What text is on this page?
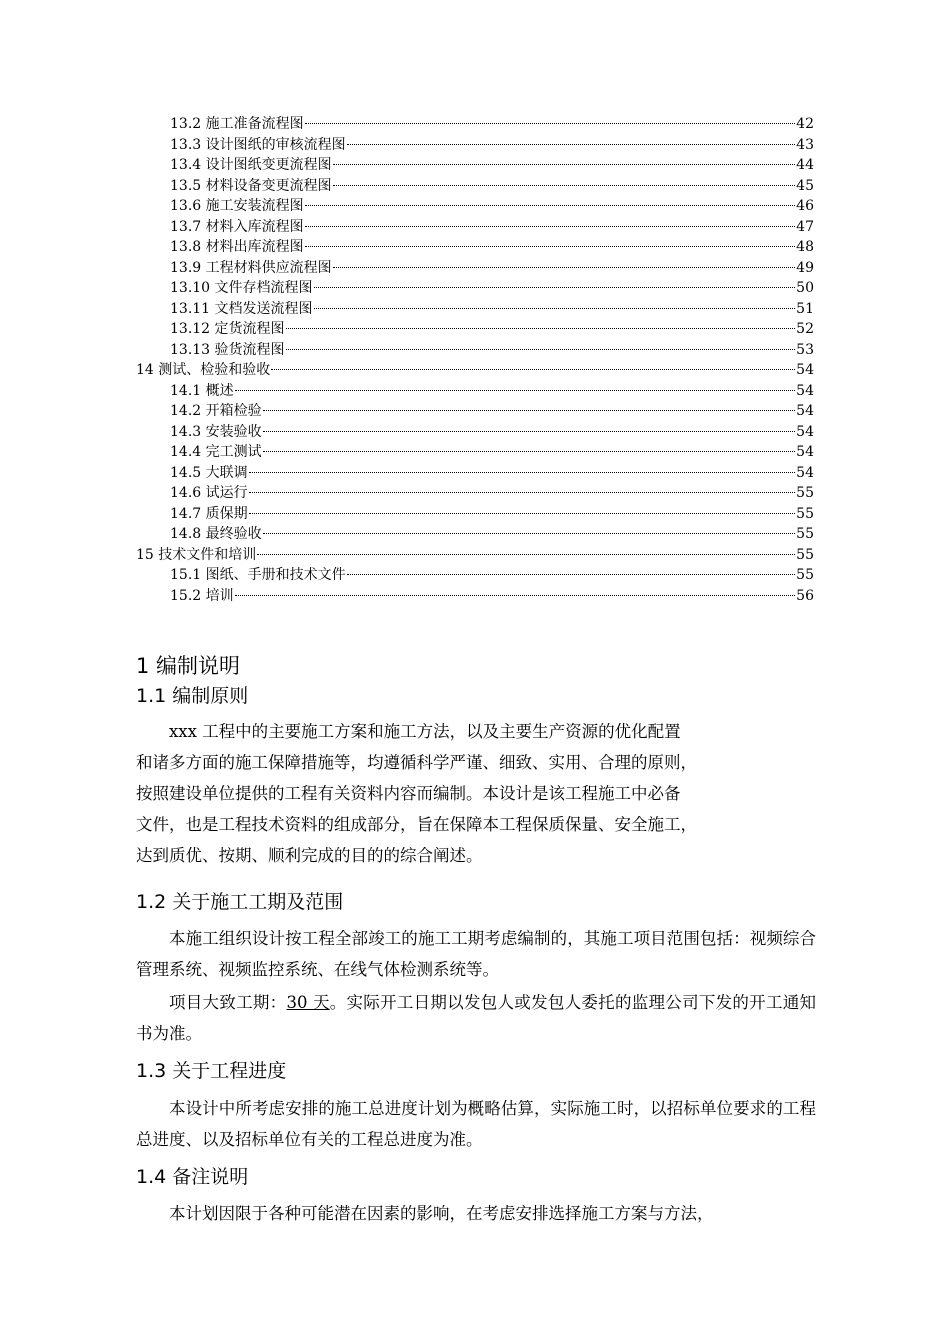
13.2 施工准备流程图	42
13.3 设计图纸的审核流程图	43
13.4 设计图纸变更流程图	44
13.5 材料设备变更流程图	45
13.6 施工安装流程图	46
13.7 材料入库流程图	47
13.8 材料出库流程图	48
13.9 工程材料供应流程图	49
13.10 文件存档流程图	50
13.11 文档发送流程图	51
13.12 定货流程图	52
13.13 验货流程图	53
14 测试、检验和验收	54
14.1 概述	54
14.2 开箱检验	54
14.3 安装验收	54
14.4 完工测试	54
14.5 大联调	54
14.6 试运行	55
14.7 质保期	55
14.8 最终验收	55
15 技术文件和培训	55
15.1 图纸、手册和技术文件	55
15.2 培训	56
1 编制说明
1.1 编制原则
xxx 工程中的主要施工方案和施工方法，以及主要生产资源的优化配置
和诸多方面的施工保障措施等，均遵循科学严谨、细致、实用、合理的原则，
按照建设单位提供的工程有关资料内容而编制。本设计是该工程施工中必备
文件，也是工程技术资料的组成部分，旨在保障本工程保质保量、安全施工，
达到质优、按期、顺利完成的目的的综合阐述。
1.2 关于施工工期及范围

本施工组织设计按工程全部竣工的施工工期考虑编制的，其施工项目范围包括：视频综合管理系统、视频监控系统、在线气体检测系统等。

项目大致工期：30 天。实际开工日期以发包人或发包人委托的监理公司下发的开工通知书为准。

1.3 关于工程进度

本设计中所考虑安排的施工总进度计划为概略估算，实际施工时，以招标单位要求的工程总进度、以及招标单位有关的工程总进度为准。

1.4 备注说明

本计划因限于各种可能潜在因素的影响，在考虑安排选择施工方案与方法，
